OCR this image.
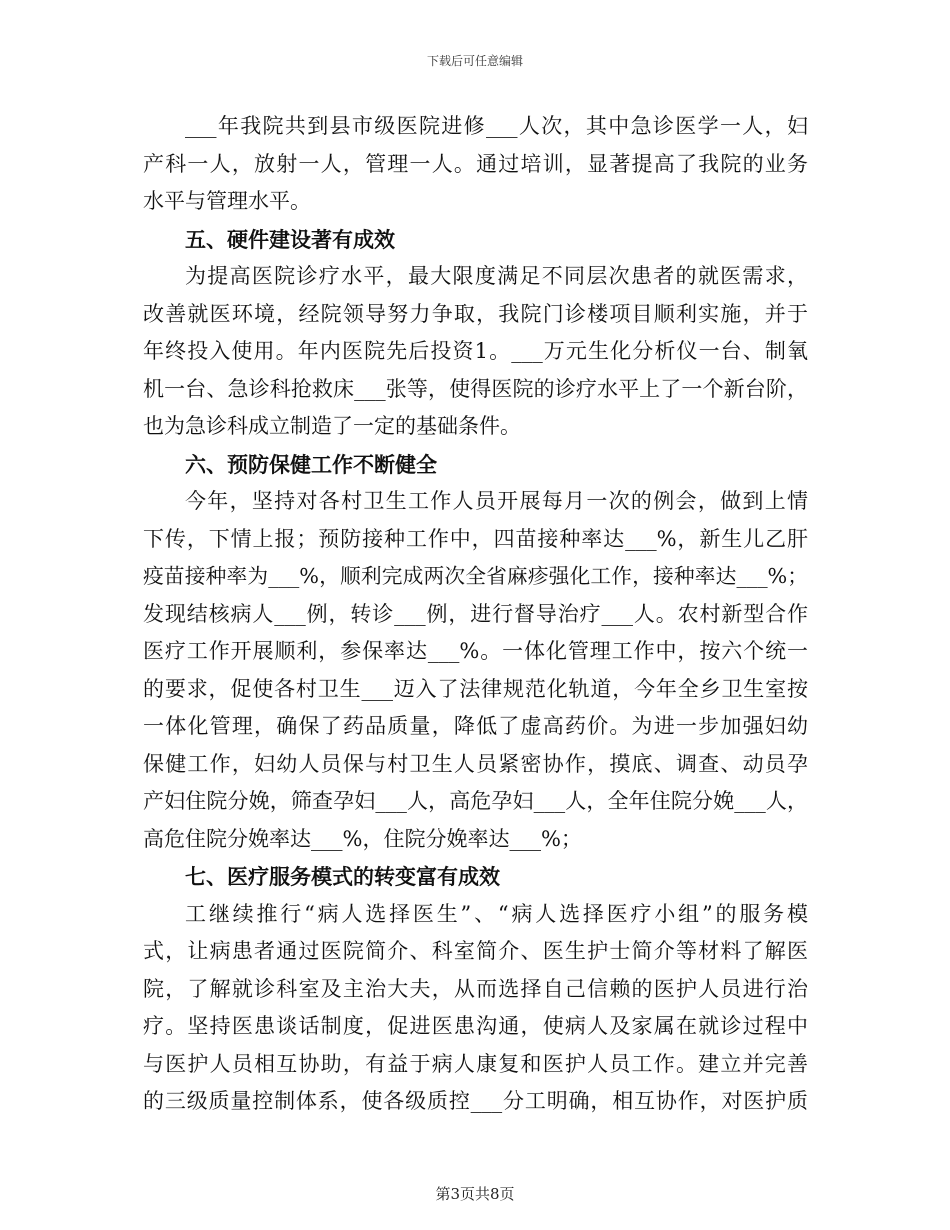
下载后可任意编辑
___年我院共到县市级医院进修___人次，其中急诊医学一人，妇
产科一人，放射一人，管理一人。通过培训，显著提高了我院的业务
水平与管理水平。
五、硬件建设著有成效
为提高医院诊疗水平，最大限度满足不同层次患者的就医需求，
改善就医环境，经院领导努力争取，我院门诊楼项目顺利实施，并于
年终投入使用。年内医院先后投资1。___万元生化分析仪一台、制氧
机一台、急诊科抢救床___张等，使得医院的诊疗水平上了一个新台阶，
也为急诊科成立制造了一定的基础条件。
六、预防保健工作不断健全
今年，坚持对各村卫生工作人员开展每月一次的例会，做到上情
下传，下情上报；预防接种工作中，四苗接种率达___%，新生儿乙肝
疫苗接种率为___%，顺利完成两次全省麻疹强化工作，接种率达___%；
发现结核病人___例，转诊___例，进行督导治疗___人。农村新型合作
医疗工作开展顺利，参保率达___%。一体化管理工作中，按六个统一
的要求，促使各村卫生___迈入了法律规范化轨道，今年全乡卫生室按
一体化管理，确保了药品质量，降低了虚高药价。为进一步加强妇幼
保健工作，妇幼人员保与村卫生人员紧密协作，摸底、调查、动员孕
产妇住院分娩，筛查孕妇___人，高危孕妇___人，全年住院分娩___人，
高危住院分娩率达___%，住院分娩率达___%；
七、医疗服务模式的转变富有成效
工继续推行“病人选择医生”、“病人选择医疗小组”的服务模
式，让病患者通过医院简介、科室简介、医生护士简介等材料了解医
院，了解就诊科室及主治大夫，从而选择自己信赖的医护人员进行治
疗。坚持医患谈话制度，促进医患沟通，使病人及家属在就诊过程中
与医护人员相互协助，有益于病人康复和医护人员工作。建立并完善
的三级质量控制体系，使各级质控___分工明确，相互协作，对医护质
第3页共8页
